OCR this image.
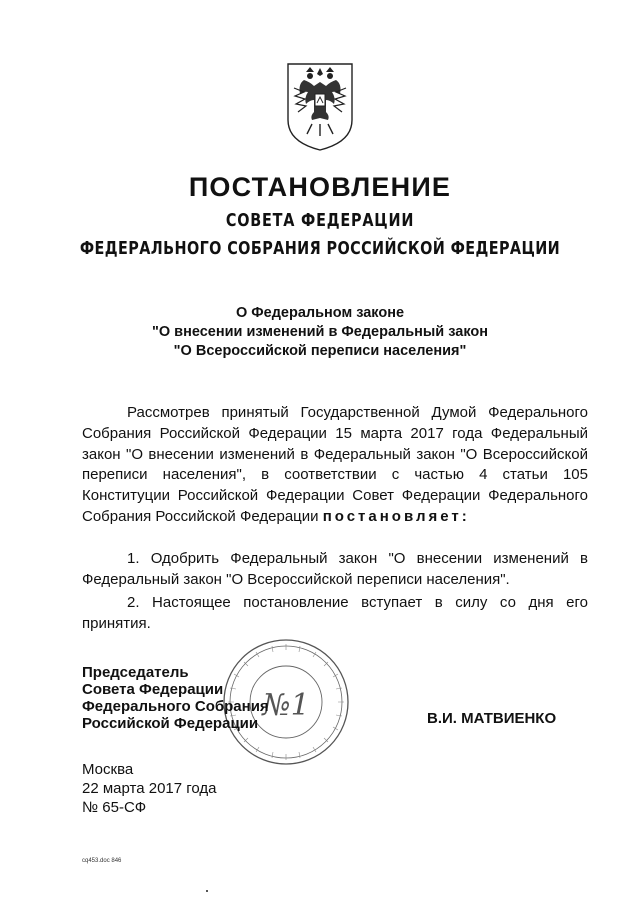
ПОСТАНОВЛЕНИЕ
СОВЕТА ФЕДЕРАЦИИ
ФЕДЕРАЛЬНОГО СОБРАНИЯ РОССИЙСКОЙ ФЕДЕРАЦИИ
О Федеральном законе
"О внесении изменений в Федеральный закон
"О Всероссийской переписи населения"
Рассмотрев принятый Государственной Думой Федерального Собрания Российской Федерации 15 марта 2017 года Федеральный закон "О внесении изменений в Федеральный закон "О Всероссийской переписи населения", в соответствии с частью 4 статьи 105 Конституции Российской Федерации Совет Федерации Федерального Собрания Российской Федерации постановляет:
1. Одобрить Федеральный закон "О внесении изменений в Федеральный закон "О Всероссийской переписи населения".
2. Настоящее постановление вступает в силу со дня его принятия.
№1
Председатель
Совета Федерации
Федерального Собрания
Российской Федерации	В.И. МАТВИЕНКО
Москва
22 марта 2017 года
№ 65-СФ
cq453.doc 846
